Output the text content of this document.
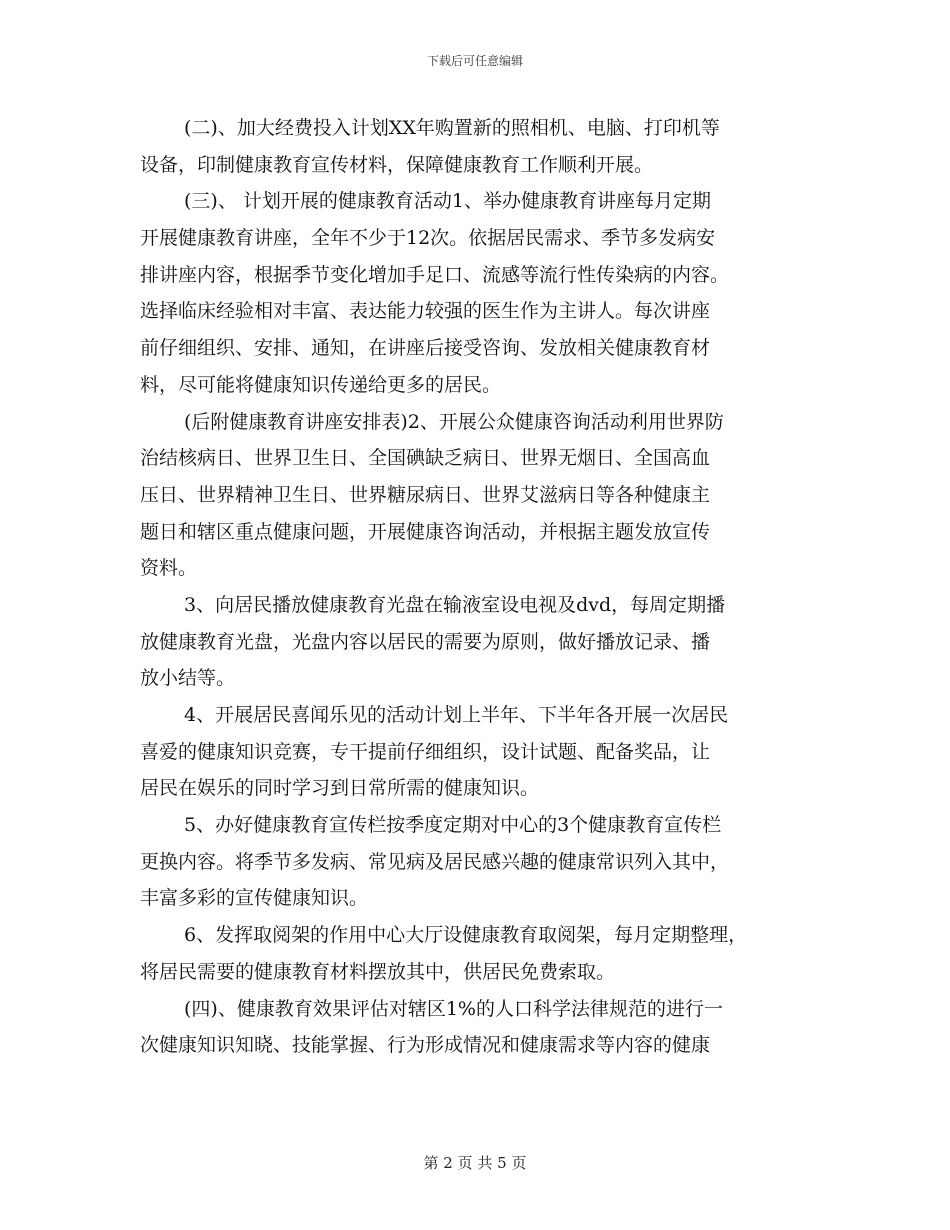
下载后可任意编辑
(二)、加大经费投入计划XX年购置新的照相机、电脑、打印机等
设备，印制健康教育宣传材料，保障健康教育工作顺利开展。
(三)、 计划开展的健康教育活动1、举办健康教育讲座每月定期
开展健康教育讲座，全年不少于12次。依据居民需求、季节多发病安
排讲座内容，根据季节变化增加手足口、流感等流行性传染病的内容。
选择临床经验相对丰富、表达能力较强的医生作为主讲人。每次讲座
前仔细组织、安排、通知，在讲座后接受咨询、发放相关健康教育材
料，尽可能将健康知识传递给更多的居民。
(后附健康教育讲座安排表)2、开展公众健康咨询活动利用世界防
治结核病日、世界卫生日、全国碘缺乏病日、世界无烟日、全国高血
压日、世界精神卫生日、世界糖尿病日、世界艾滋病日等各种健康主
题日和辖区重点健康问题，开展健康咨询活动，并根据主题发放宣传
资料。
3、向居民播放健康教育光盘在输液室设电视及dvd，每周定期播
放健康教育光盘，光盘内容以居民的需要为原则，做好播放记录、播
放小结等。
4、开展居民喜闻乐见的活动计划上半年、下半年各开展一次居民
喜爱的健康知识竞赛，专干提前仔细组织，设计试题、配备奖品，让
居民在娱乐的同时学习到日常所需的健康知识。
5、办好健康教育宣传栏按季度定期对中心的3个健康教育宣传栏
更换内容。将季节多发病、常见病及居民感兴趣的健康常识列入其中，
丰富多彩的宣传健康知识。
6、发挥取阅架的作用中心大厅设健康教育取阅架，每月定期整理，
将居民需要的健康教育材料摆放其中，供居民免费索取。
(四)、健康教育效果评估对辖区1%的人口科学法律规范的进行一
次健康知识知晓、技能掌握、行为形成情况和健康需求等内容的健康
第 2 页 共 5 页
